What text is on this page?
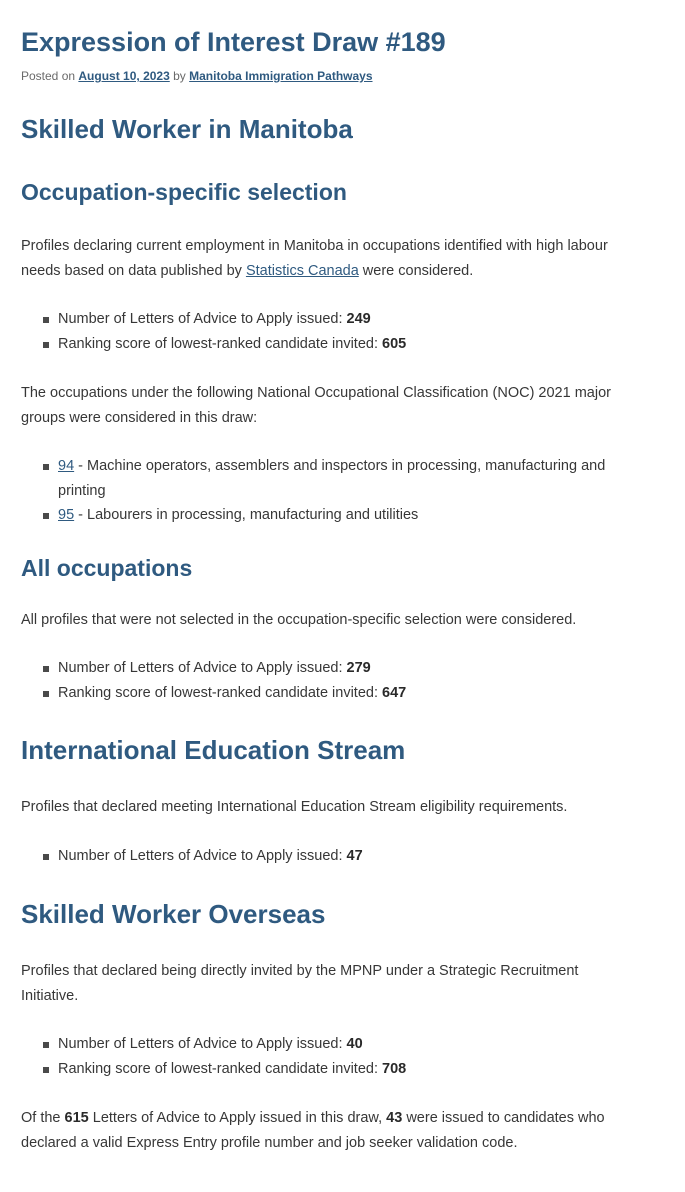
Expression of Interest Draw #189
Posted on August 10, 2023 by Manitoba Immigration Pathways
Skilled Worker in Manitoba
Occupation-specific selection

Profiles declaring current employment in Manitoba in occupations identified with high labour needs based on data published by Statistics Canada were considered.

Number of Letters of Advice to Apply issued: 249
Ranking score of lowest-ranked candidate invited: 605

The occupations under the following National Occupational Classification (NOC) 2021 major groups were considered in this draw:

94 - Machine operators, assemblers and inspectors in processing, manufacturing and printing
95 - Labourers in processing, manufacturing and utilities
All occupations

All profiles that were not selected in the occupation-specific selection were considered.

Number of Letters of Advice to Apply issued: 279
Ranking score of lowest-ranked candidate invited: 647
International Education Stream

Profiles that declared meeting International Education Stream eligibility requirements.

Number of Letters of Advice to Apply issued: 47
Skilled Worker Overseas

Profiles that declared being directly invited by the MPNP under a Strategic Recruitment Initiative.

Number of Letters of Advice to Apply issued: 40
Ranking score of lowest-ranked candidate invited: 708

Of the 615 Letters of Advice to Apply issued in this draw, 43 were issued to candidates who declared a valid Express Entry profile number and job seeker validation code.
